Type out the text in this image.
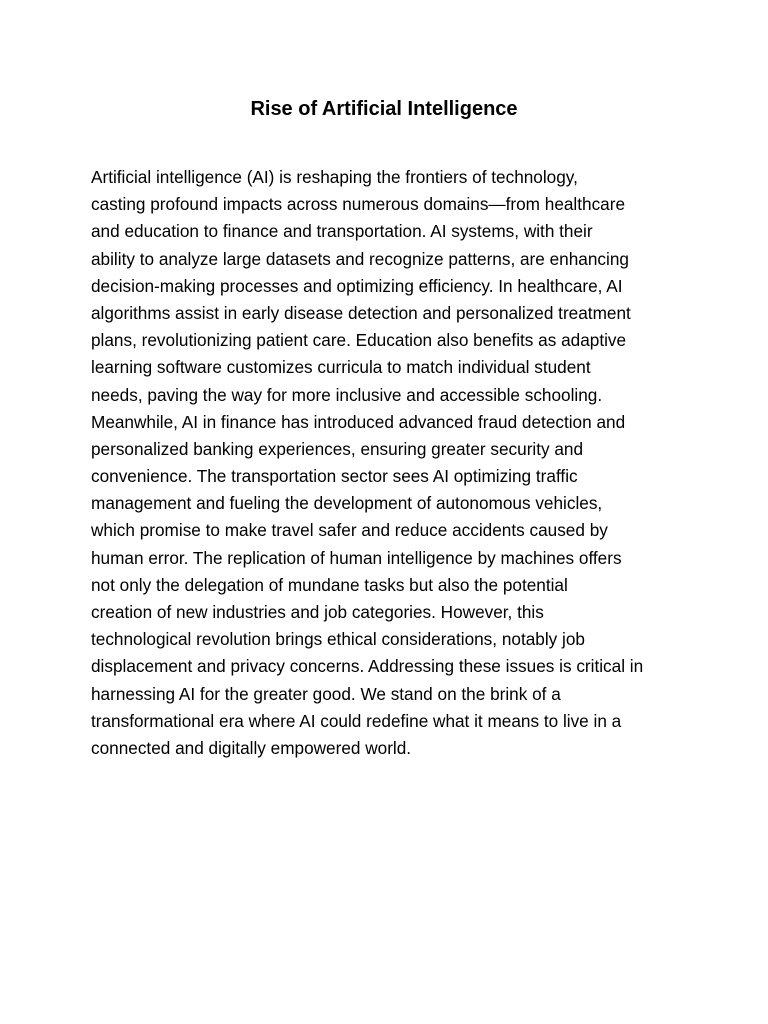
Rise of Artificial Intelligence
Artificial intelligence (AI) is reshaping the frontiers of technology,
casting profound impacts across numerous domains—from healthcare
and education to finance and transportation. AI systems, with their
ability to analyze large datasets and recognize patterns, are enhancing
decision-making processes and optimizing efficiency. In healthcare, AI
algorithms assist in early disease detection and personalized treatment
plans, revolutionizing patient care. Education also benefits as adaptive
learning software customizes curricula to match individual student
needs, paving the way for more inclusive and accessible schooling.
Meanwhile, AI in finance has introduced advanced fraud detection and
personalized banking experiences, ensuring greater security and
convenience. The transportation sector sees AI optimizing traffic
management and fueling the development of autonomous vehicles,
which promise to make travel safer and reduce accidents caused by
human error. The replication of human intelligence by machines offers
not only the delegation of mundane tasks but also the potential
creation of new industries and job categories. However, this
technological revolution brings ethical considerations, notably job
displacement and privacy concerns. Addressing these issues is critical in
harnessing AI for the greater good. We stand on the brink of a
transformational era where AI could redefine what it means to live in a
connected and digitally empowered world.
